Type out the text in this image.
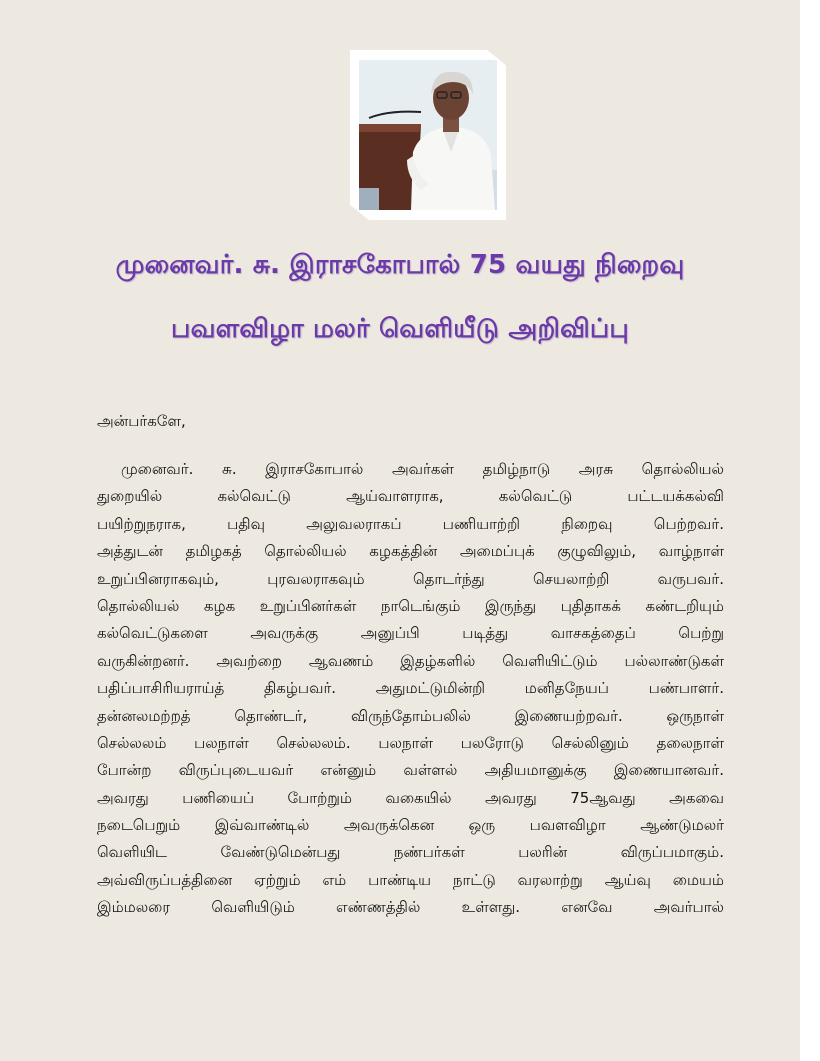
முனைவர். சு. இராசகோபால் 75 வயது நிறைவு
பவளவிழா மலர் வெளியீடு அறிவிப்பு
அன்பர்களே,
முனைவர். சு. இராசகோபால் அவர்கள் தமிழ்நாடு அரசு தொல்லியல்
துறையில் கல்வெட்டு ஆய்வாளராக, கல்வெட்டு பட்டயக்கல்வி
பயிற்றுநராக, பதிவு அலுவலராகப் பணியாற்றி நிறைவு பெற்றவர்.
அத்துடன் தமிழகத் தொல்லியல் கழகத்தின் அமைப்புக் குழுவிலும், வாழ்நாள்
உறுப்பினராகவும், புரவலராகவும் தொடர்ந்து செயலாற்றி வருபவர்.
தொல்லியல் கழக உறுப்பினர்கள் நாடெங்கும் இருந்து புதிதாகக் கண்டறியும்
கல்வெட்டுகளை அவருக்கு அனுப்பி படித்து வாசகத்தைப் பெற்று
வருகின்றனர். அவற்றை ஆவணம் இதழ்களில் வெளியிட்டும் பல்லாண்டுகள்
பதிப்பாசிரியராய்த் திகழ்பவர். அதுமட்டுமின்றி மனிதநேயப் பண்பாளர்.
தன்னலமற்றத் தொண்டர், விருந்தோம்பலில் இணையற்றவர். ஒருநாள்
செல்லலம் பலநாள் செல்லலம். பலநாள் பலரோடு செல்லினும் தலைநாள்
போன்ற விருப்புடையவர் என்னும் வள்ளல் அதியமானுக்கு இணையானவர்.
அவரது பணியைப் போற்றும் வகையில் அவரது 75ஆவது அகவை
நடைபெறும் இவ்வாண்டில் அவருக்கென ஒரு பவளவிழா ஆண்டுமலர்
வெளியிட வேண்டுமென்பது நண்பர்கள் பலரின் விருப்பமாகும்.
அவ்விருப்பத்தினை ஏற்றும் எம் பாண்டிய நாட்டு வரலாற்று ஆய்வு மையம்
இம்மலரை வெளியிடும் எண்ணத்தில் உள்ளது. எனவே அவர்பால்
